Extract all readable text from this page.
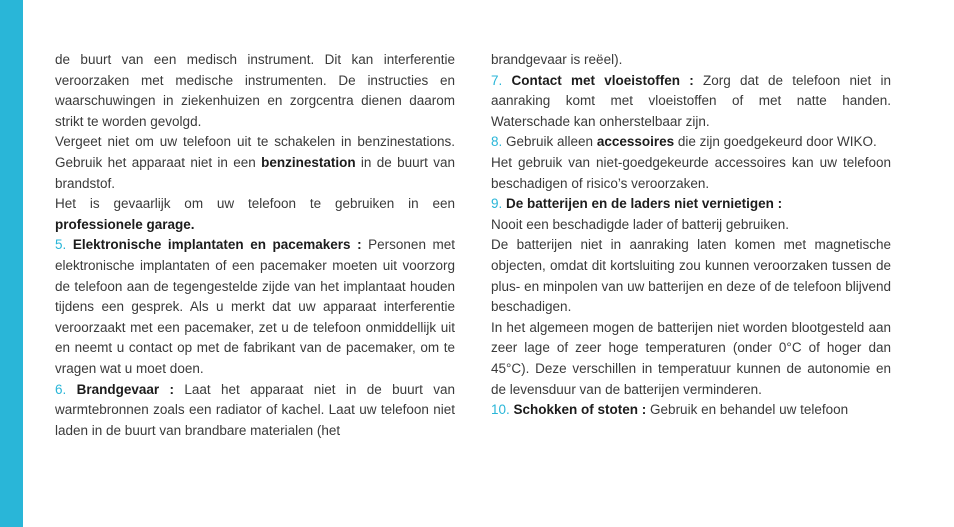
de buurt van een medisch instrument. Dit kan interferentie veroorzaken met medische instrumenten. De instructies en waarschuwingen in ziekenhuizen en zorgcentra dienen daarom strikt te worden gevolgd.

Vergeet niet om uw telefoon uit te schakelen in benzinestations. Gebruik het apparaat niet in een benzinestation in de buurt van brandstof.

Het is gevaarlijk om uw telefoon te gebruiken in een professionele garage.

5. Elektronische implantaten en pacemakers : Personen met elektronische implantaten of een pacemaker moeten uit voorzorg de telefoon aan de tegengestelde zijde van het implantaat houden tijdens een gesprek. Als u merkt dat uw apparaat interferentie veroorzaakt met een pacemaker, zet u de telefoon onmiddellijk uit en neemt u contact op met de fabrikant van de pacemaker, om te vragen wat u moet doen.

6. Brandgevaar : Laat het apparaat niet in de buurt van warmtebronnen zoals een radiator of kachel. Laat uw telefoon niet laden in de buurt van brandbare materialen (het

brandgevaar is reëel).

7. Contact met vloeistoffen : Zorg dat de telefoon niet in aanraking komt met vloeistoffen of met natte handen. Waterschade kan onherstelbaar zijn.

8. Gebruik alleen accessoires die zijn goedgekeurd door WIKO.

Het gebruik van niet-goedgekeurde accessoires kan uw telefoon beschadigen of risico’s veroorzaken.

9. De batterijen en de laders niet vernietigen :

Nooit een beschadigde lader of batterij gebruiken.

De batterijen niet in aanraking laten komen met magnetische objecten, omdat dit kortsluiting zou kunnen veroorzaken tussen de plus- en minpolen van uw batterijen en deze of de telefoon blijvend beschadigen.

In het algemeen mogen de batterijen niet worden blootgesteld aan zeer lage of zeer hoge temperaturen (onder 0°C of hoger dan 45°C). Deze verschillen in temperatuur kunnen de autonomie en de levensduur van de batterijen verminderen.

10. Schokken of stoten : Gebruik en behandel uw telefoon
